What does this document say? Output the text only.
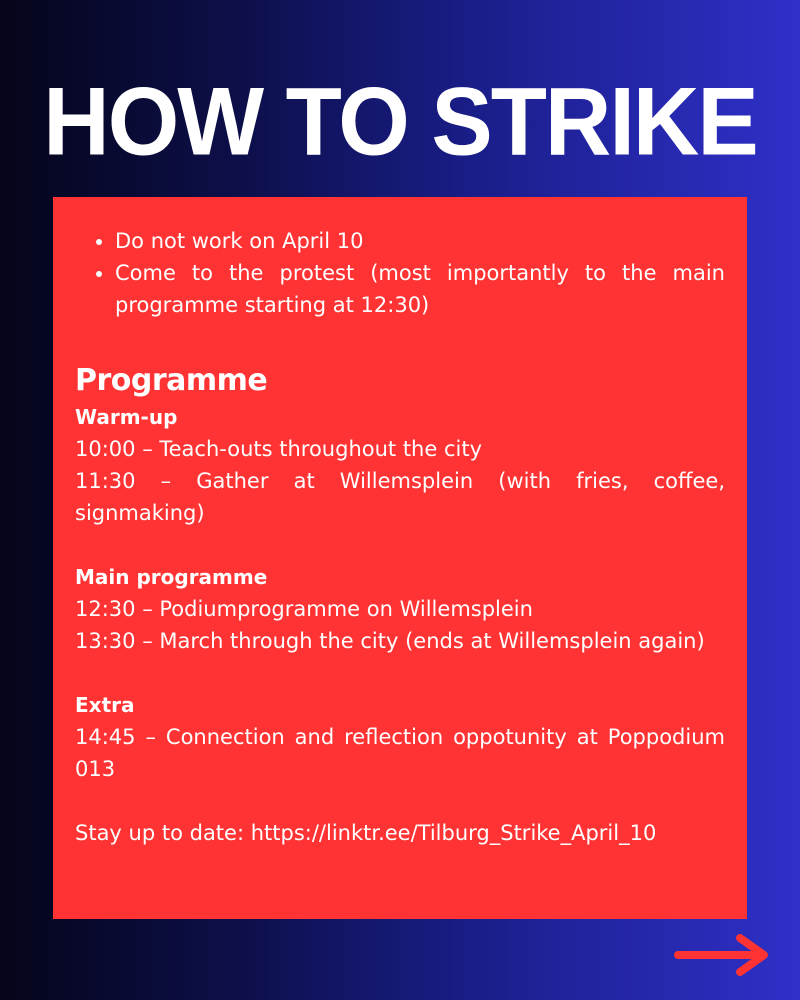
HOW TO STRIKE
• Do not work on April 10
• Come to the protest (most importantly to the main programme starting at 12:30)
Programme
Warm-up
10:00 – Teach-outs throughout the city
11:30 – Gather at Willemsplein (with fries, coffee, signmaking)
Main programme
12:30 – Podiumprogramme on Willemsplein
13:30 – March through the city (ends at Willemsplein again)
Extra
14:45 – Connection and reflection oppotunity at Poppodium 013
Stay up to date: https://linktr.ee/Tilburg_Strike_April_10
